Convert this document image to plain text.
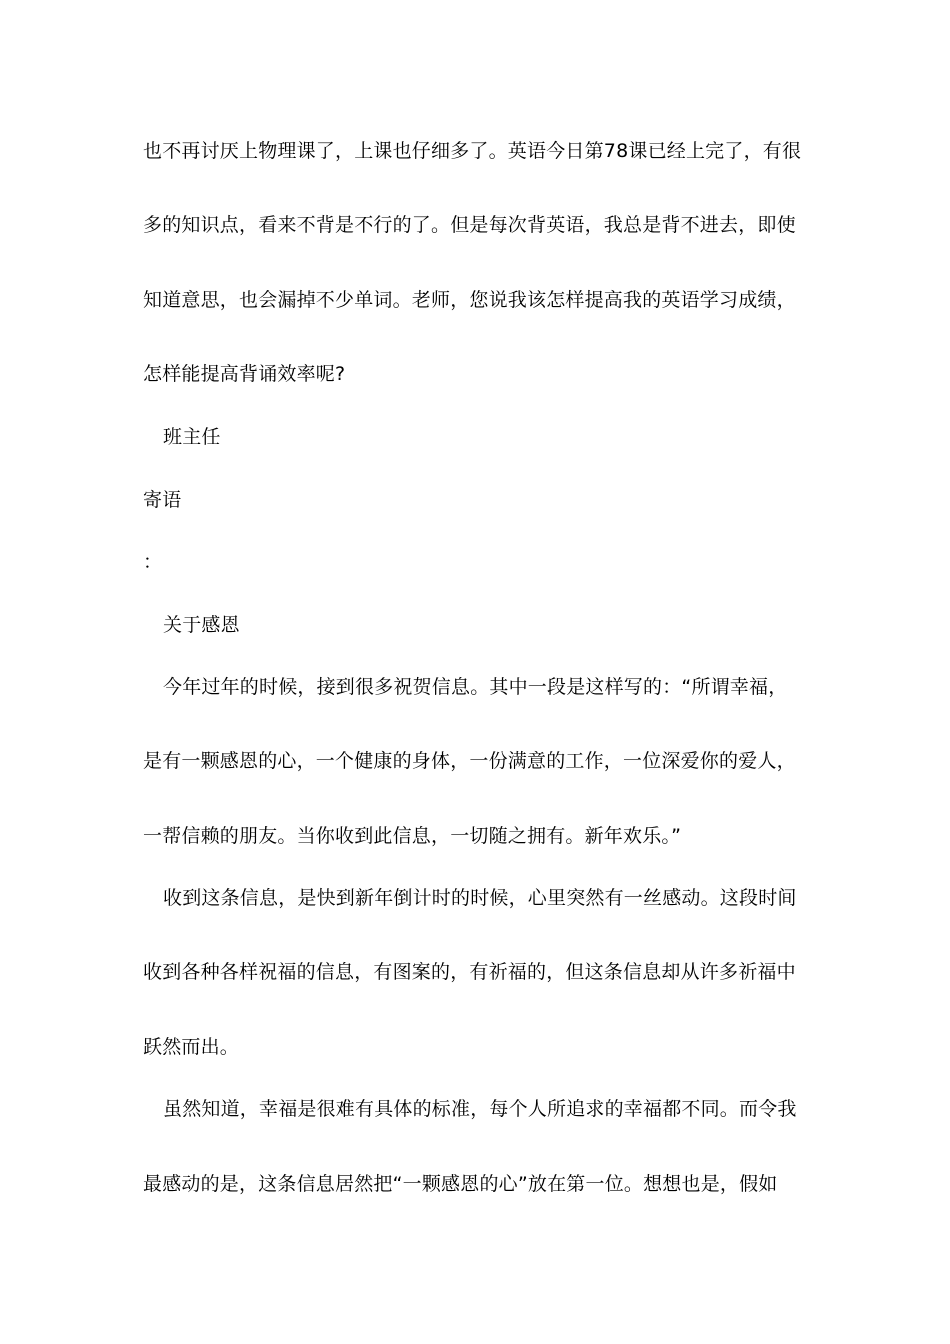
也不再讨厌上物理课了，上课也仔细多了。英语今日第78课已经上完了，有很
多的知识点，看来不背是不行的了。但是每次背英语，我总是背不进去，即使
知道意思，也会漏掉不少单词。老师，您说我该怎样提高我的英语学习成绩，
怎样能提高背诵效率呢?
班主任
寄语
：
关于感恩
今年过年的时候，接到很多祝贺信息。其中一段是这样写的：“所谓幸福，
是有一颗感恩的心，一个健康的身体，一份满意的工作，一位深爱你的爱人，
一帮信赖的朋友。当你收到此信息，一切随之拥有。新年欢乐。”
收到这条信息，是快到新年倒计时的时候，心里突然有一丝感动。这段时间
收到各种各样祝福的信息，有图案的，有祈福的，但这条信息却从许多祈福中
跃然而出。
虽然知道，幸福是很难有具体的标准，每个人所追求的幸福都不同。而令我
最感动的是，这条信息居然把“一颗感恩的心”放在第一位。想想也是，假如
